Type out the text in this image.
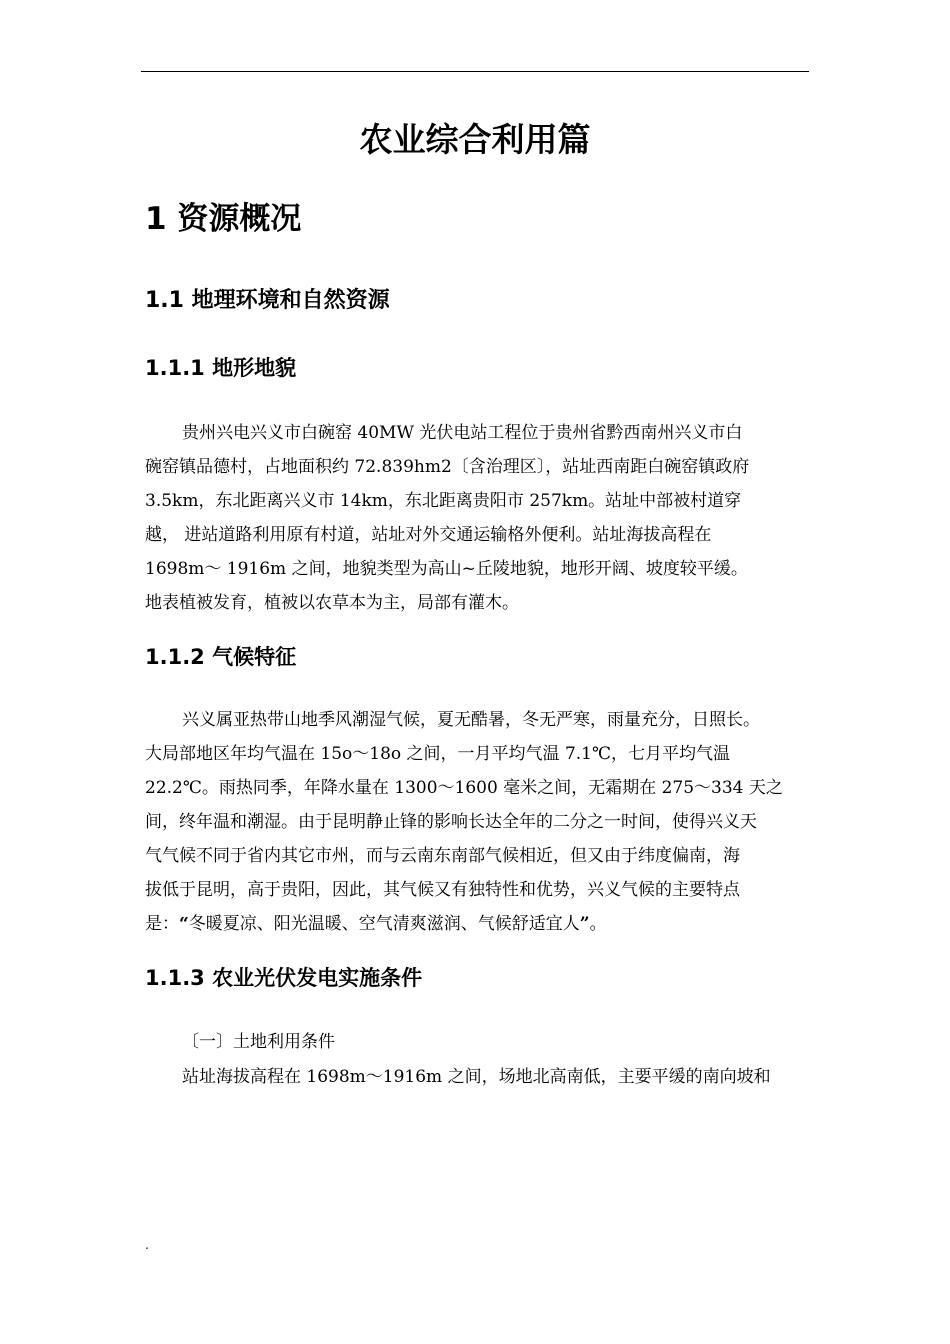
农业综合利用篇
1 资源概况
1.1 地理环境和自然资源
1.1.1 地形地貌

贵州兴电兴义市白碗窑 40MW 光伏电站工程位于贵州省黔西南州兴义市白

碗窑镇品德村，占地面积约 72.839hm2〔含治理区〕，站址西南距白碗窑镇政府

3.5km，东北距离兴义市 14km，东北距离贵阳市 257km。站址中部被村道穿

越， 进站道路利用原有村道，站址对外交通运输格外便利。站址海拔高程在

1698m～ 1916m 之间，地貌类型为高山~丘陵地貌，地形开阔、坡度较平缓。

地表植被发育，植被以农草本为主，局部有灌木。

1.1.2 气候特征

兴义属亚热带山地季风潮湿气候，夏无酷暑，冬无严寒，雨量充分，日照长。

大局部地区年均气温在 15o～18o 之间，一月平均气温 7.1℃，七月平均气温

22.2℃。雨热同季，年降水量在 1300～1600 毫米之间，无霜期在 275～334 天之

间，终年温和潮湿。由于昆明静止锋的影响长达全年的二分之一时间，使得兴义天

气气候不同于省内其它市州，而与云南东南部气候相近，但又由于纬度偏南，海

拔低于昆明，高于贵阳，因此，其气候又有独特性和优势，兴义气候的主要特点

是：“冬暖夏凉、阳光温暖、空气清爽滋润、气候舒适宜人”。

1.1.3 农业光伏发电实施条件

〔一〕土地利用条件

站址海拔高程在 1698m～1916m 之间，场地北高南低，主要平缓的南向坡和

.
